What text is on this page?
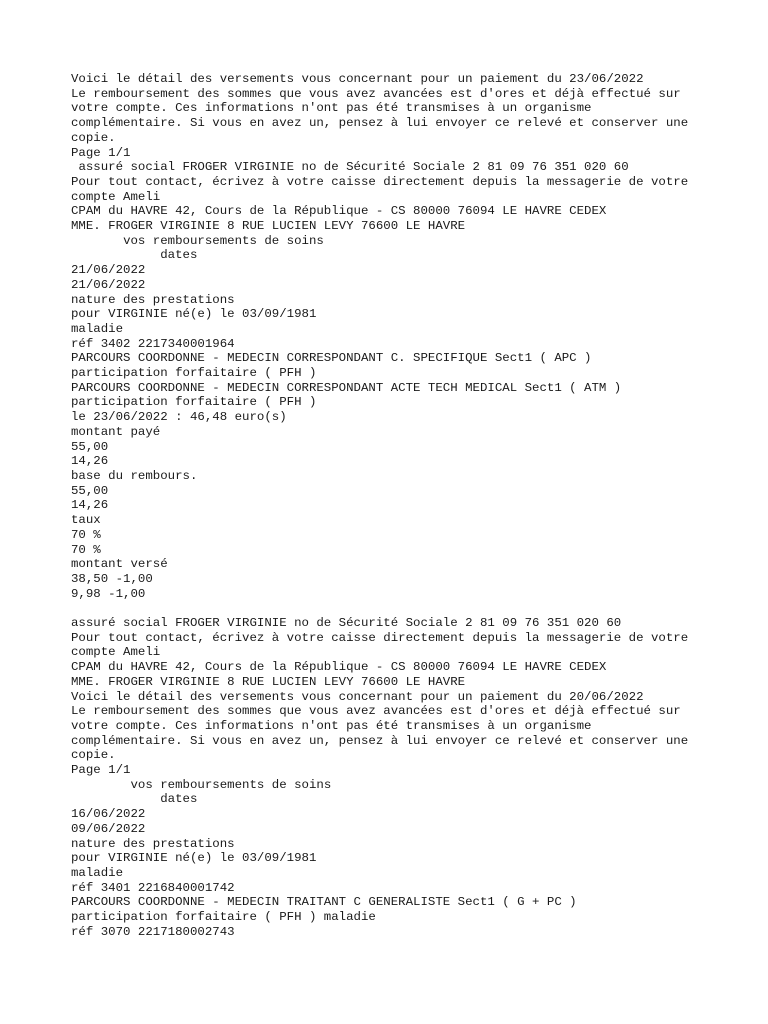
Voici le détail des versements vous concernant pour un paiement du 23/06/2022
Le remboursement des sommes que vous avez avancées est d'ores et déjà effectué sur
votre compte. Ces informations n'ont pas été transmises à un organisme
complémentaire. Si vous en avez un, pensez à lui envoyer ce relevé et conserver une
copie.
Page 1/1
assuré social FROGER VIRGINIE no de Sécurité Sociale 2 81 09 76 351 020 60
Pour tout contact, écrivez à votre caisse directement depuis la messagerie de votre
compte Ameli
CPAM du HAVRE 42, Cours de la République - CS 80000 76094 LE HAVRE CEDEX
MME. FROGER VIRGINIE 8 RUE LUCIEN LEVY 76600 LE HAVRE
vos remboursements de soins
dates
21/06/2022
21/06/2022
nature des prestations
pour VIRGINIE né(e) le 03/09/1981
maladie
réf 3402 2217340001964
PARCOURS COORDONNE - MEDECIN CORRESPONDANT C. SPECIFIQUE Sect1 ( APC )
participation forfaitaire ( PFH )
PARCOURS COORDONNE - MEDECIN CORRESPONDANT ACTE TECH MEDICAL Sect1 ( ATM )
participation forfaitaire ( PFH )
le 23/06/2022 : 46,48 euro(s)
montant payé
55,00
14,26
base du rembours.
55,00
14,26
taux
70 %
70 %
montant versé
38,50 -1,00
9,98 -1,00
assuré social FROGER VIRGINIE no de Sécurité Sociale 2 81 09 76 351 020 60
Pour tout contact, écrivez à votre caisse directement depuis la messagerie de votre
compte Ameli
CPAM du HAVRE 42, Cours de la République - CS 80000 76094 LE HAVRE CEDEX
MME. FROGER VIRGINIE 8 RUE LUCIEN LEVY 76600 LE HAVRE
Voici le détail des versements vous concernant pour un paiement du 20/06/2022
Le remboursement des sommes que vous avez avancées est d'ores et déjà effectué sur
votre compte. Ces informations n'ont pas été transmises à un organisme
complémentaire. Si vous en avez un, pensez à lui envoyer ce relevé et conserver une
copie.
Page 1/1
vos remboursements de soins
dates
16/06/2022
09/06/2022
nature des prestations
pour VIRGINIE né(e) le 03/09/1981
maladie
réf 3401 2216840001742
PARCOURS COORDONNE - MEDECIN TRAITANT C GENERALISTE Sect1 ( G + PC )
participation forfaitaire ( PFH ) maladie
réf 3070 2217180002743
